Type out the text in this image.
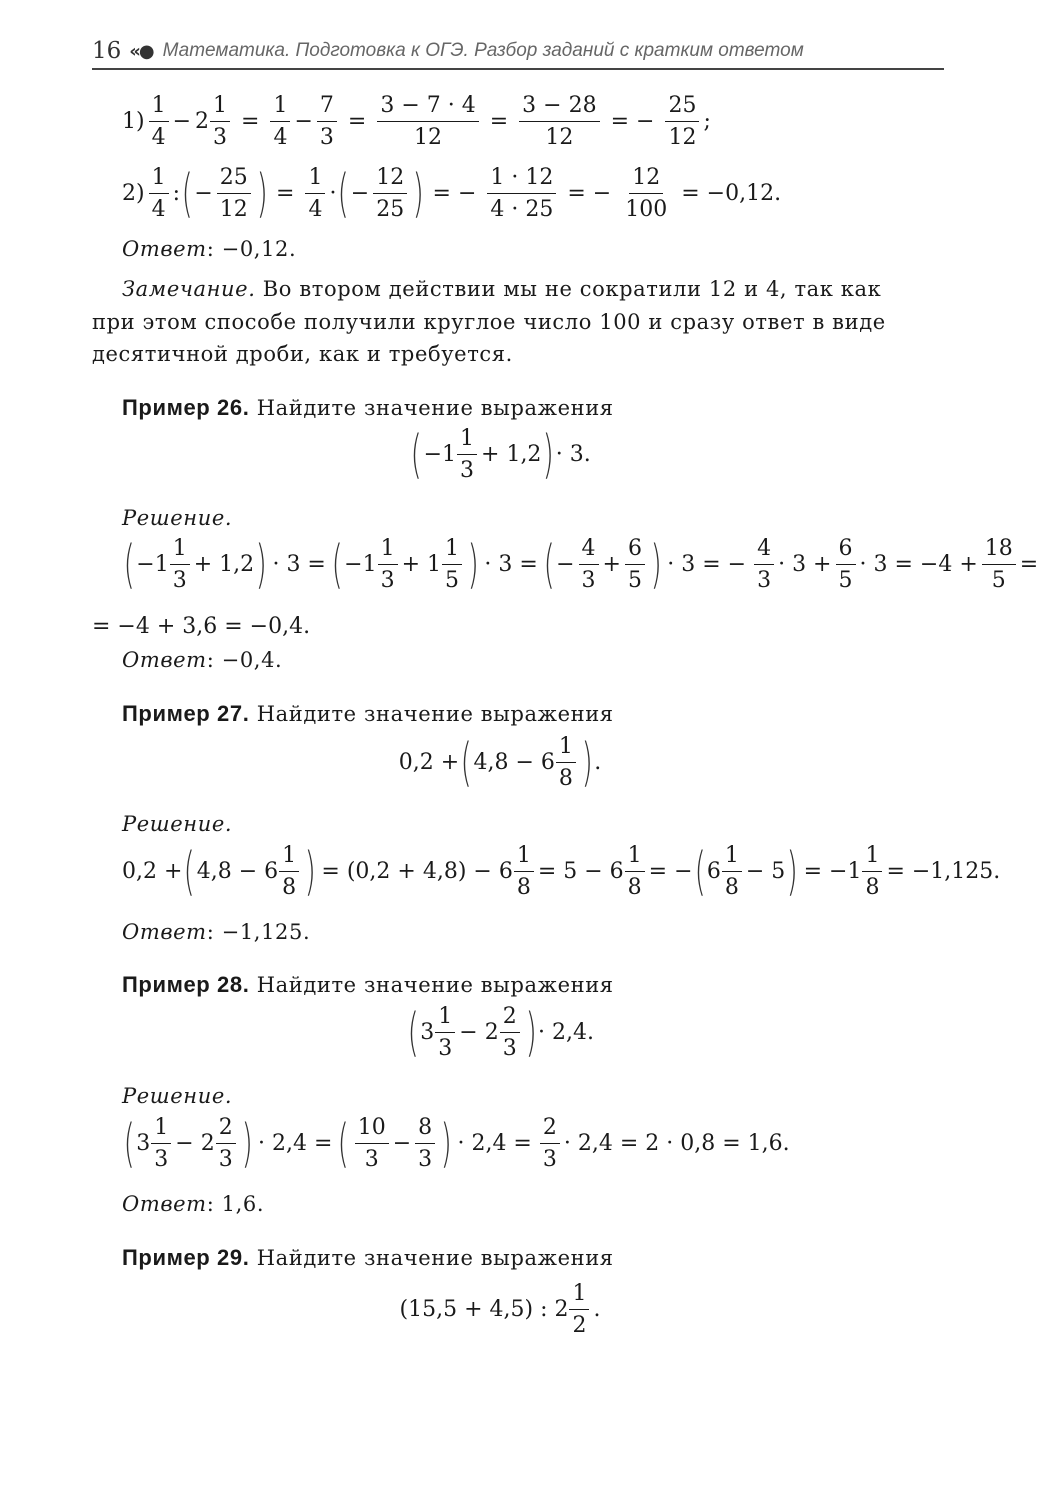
16 «● Математика. Подготовка к ОГЭ. Разбор заданий с кратким ответом
$1) \frac{1}{4} - 2 \frac{1}{3} = \frac{1}{4} - \frac{7}{3} = \frac{3 - 7 \cdot 4}{12} = \frac{3 - 28}{12}$ = − $\frac{25}{12}$ ;
$2) \frac{1}{4}$ : ( − $\frac{25}{12}$ ) = $\frac{1}{4}$ · ( − $\frac{12}{25}$ ) = − $\frac{1 \cdot 12}{4 \cdot 25}$ = − $\frac{12}{100} = -0,12$.
Ответ: −0,12.
Замечание. Во втором действии мы не сократили 12 и 4, так как
при этом способе получили круглое число 100 и сразу ответ в виде
десятичной дроби, как и требуется.
Пример 26. Найдите значение выражения
( $-1 \frac{1}{3} + 1,2$ ) · 3.
Решение.
( $-1 \frac{1}{3} + 1,2$ ) · 3 = ( $-1 \frac{1}{3} + 1 \frac{1}{5}$ ) · 3 = ( − $\frac{4}{3} + \frac{6}{5}$ ) · 3 = − $\frac{4}{3} \cdot 3 + \frac{6}{5} \cdot 3 = -4 + \frac{18}{5}$ =
= −4 + 3,6 = −0,4.
Ответ: −0,4.
Пример 27. Найдите значение выражения
0,2 + ( $4,8 - 6 \frac{1}{8}$ ) .
Решение.
0,2 + ( $4,8 - 6 \frac{1}{8}$ ) = $(0,2 + 4,8) - 6 \frac{1}{8} = 5 - 6 \frac{1}{8}$ = − ( $6 \frac{1}{8} - 5$ ) = $-1 \frac{1}{8} = -1,125$.
Ответ: −1,125.
Пример 28. Найдите значение выражения
( $3 \frac{1}{3} - 2 \frac{2}{3}$ ) · 2,4.
Решение.
( $3 \frac{1}{3} - 2 \frac{2}{3}$ ) · 2,4 = ( $\frac{10}{3} - \frac{8}{3}$ ) · $2,4 = \frac{2}{3} \cdot 2,4 = 2 \cdot 0,8 = 1,6$.
Ответ: 1,6.
Пример 29. Найдите значение выражения
(15,5 + 4,5) : $2 \frac{1}{2}$ .
